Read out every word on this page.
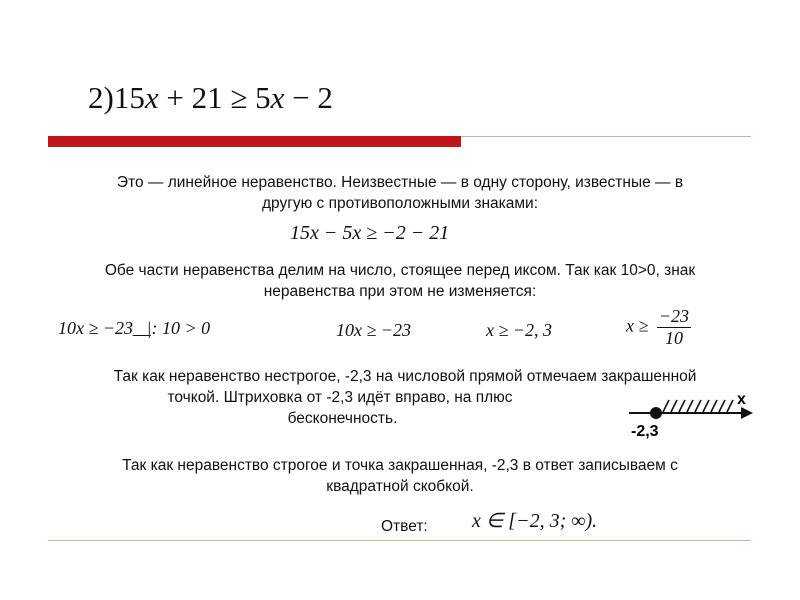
2)15x + 21 ≥ 5x − 2
Это — линейное неравенство. Неизвестные — в одну сторону, известные — в
другую с противоположными знаками:
15x − 5x ≥ −2 − 21
Обе части неравенства делим на число, стоящее перед иксом. Так как 10>0, знак
неравенства при этом не изменяется:
10x ≥ −23 ̲ ̲ ̲|: 10 > 0	10x ≥ −23	x ≥ −2, 3	$x \ge \frac{-23}{10}$
Так как неравенство нестрогое, -2,3 на числовой прямой отмечаем закрашенной
точкой. Штриховка от -2,3 идёт вправо, на плюс
бесконечность.
x
-2,3
Так как неравенство строгое и точка закрашенная, -2,3 в ответ записываем с
квадратной скобкой.
Ответ: x ∈ [−2, 3; ∞).
